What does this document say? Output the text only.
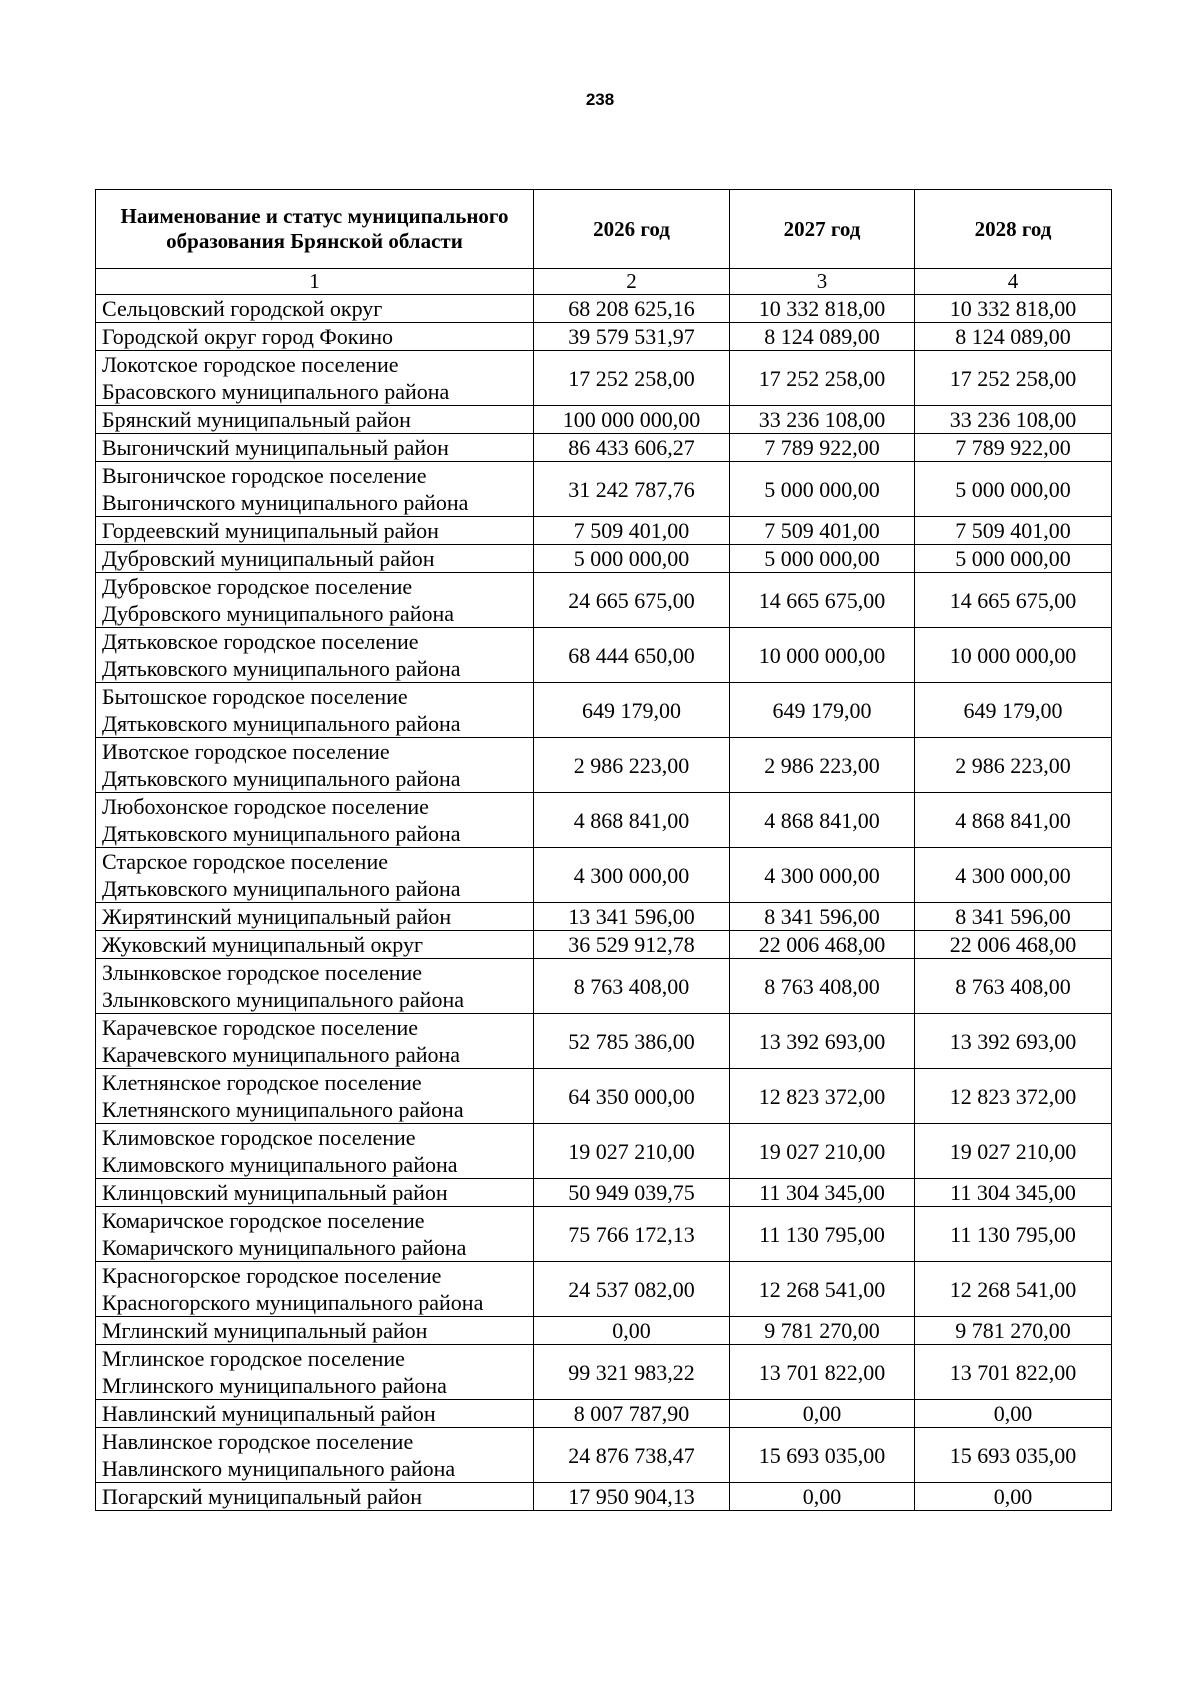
238
Наименование и статус муниципального образования Брянской области	2026 год	2027 год	2028 год
1	2	3	4

Сельцовский городской округ	68 208 625,16	10 332 818,00	10 332 818,00

Городской округ город Фокино	39 579 531,97	8 124 089,00	8 124 089,00

Локотское городское поселение
Брасовского муниципального района	17 252 258,00	17 252 258,00	17 252 258,00

Брянский муниципальный район	100 000 000,00	33 236 108,00	33 236 108,00

Выгоничский муниципальный район	86 433 606,27	7 789 922,00	7 789 922,00

Выгоничское городское поселение
Выгоничского муниципального района	31 242 787,76	5 000 000,00	5 000 000,00

Гордеевский муниципальный район	7 509 401,00	7 509 401,00	7 509 401,00

Дубровский муниципальный район	5 000 000,00	5 000 000,00	5 000 000,00

Дубровское городское поселение
Дубровского муниципального района	24 665 675,00	14 665 675,00	14 665 675,00

Дятьковское городское поселение
Дятьковского муниципального района	68 444 650,00	10 000 000,00	10 000 000,00

Бытошское городское поселение
Дятьковского муниципального района	649 179,00	649 179,00	649 179,00

Ивотское городское поселение
Дятьковского муниципального района	2 986 223,00	2 986 223,00	2 986 223,00

Любохонское городское поселение
Дятьковского муниципального района	4 868 841,00	4 868 841,00	4 868 841,00

Старское городское поселение
Дятьковского муниципального района	4 300 000,00	4 300 000,00	4 300 000,00

Жирятинский муниципальный район	13 341 596,00	8 341 596,00	8 341 596,00

Жуковский муниципальный округ	36 529 912,78	22 006 468,00	22 006 468,00

Злынковское городское поселение
Злынковского муниципального района	8 763 408,00	8 763 408,00	8 763 408,00

Карачевское городское поселение
Карачевского муниципального района	52 785 386,00	13 392 693,00	13 392 693,00

Клетнянское городское поселение
Клетнянского муниципального района	64 350 000,00	12 823 372,00	12 823 372,00

Климовское городское поселение
Климовского муниципального района	19 027 210,00	19 027 210,00	19 027 210,00

Клинцовский муниципальный район	50 949 039,75	11 304 345,00	11 304 345,00

Комаричское городское поселение
Комаричского муниципального района	75 766 172,13	11 130 795,00	11 130 795,00

Красногорское городское поселение
Красногорского муниципального района	24 537 082,00	12 268 541,00	12 268 541,00

Мглинский муниципальный район	0,00	9 781 270,00	9 781 270,00

Мглинское городское поселение
Мглинского муниципального района	99 321 983,22	13 701 822,00	13 701 822,00

Навлинский муниципальный район	8 007 787,90	0,00	0,00

Навлинское городское поселение
Навлинского муниципального района	24 876 738,47	15 693 035,00	15 693 035,00

Погарский муниципальный район	17 950 904,13	0,00	0,00
